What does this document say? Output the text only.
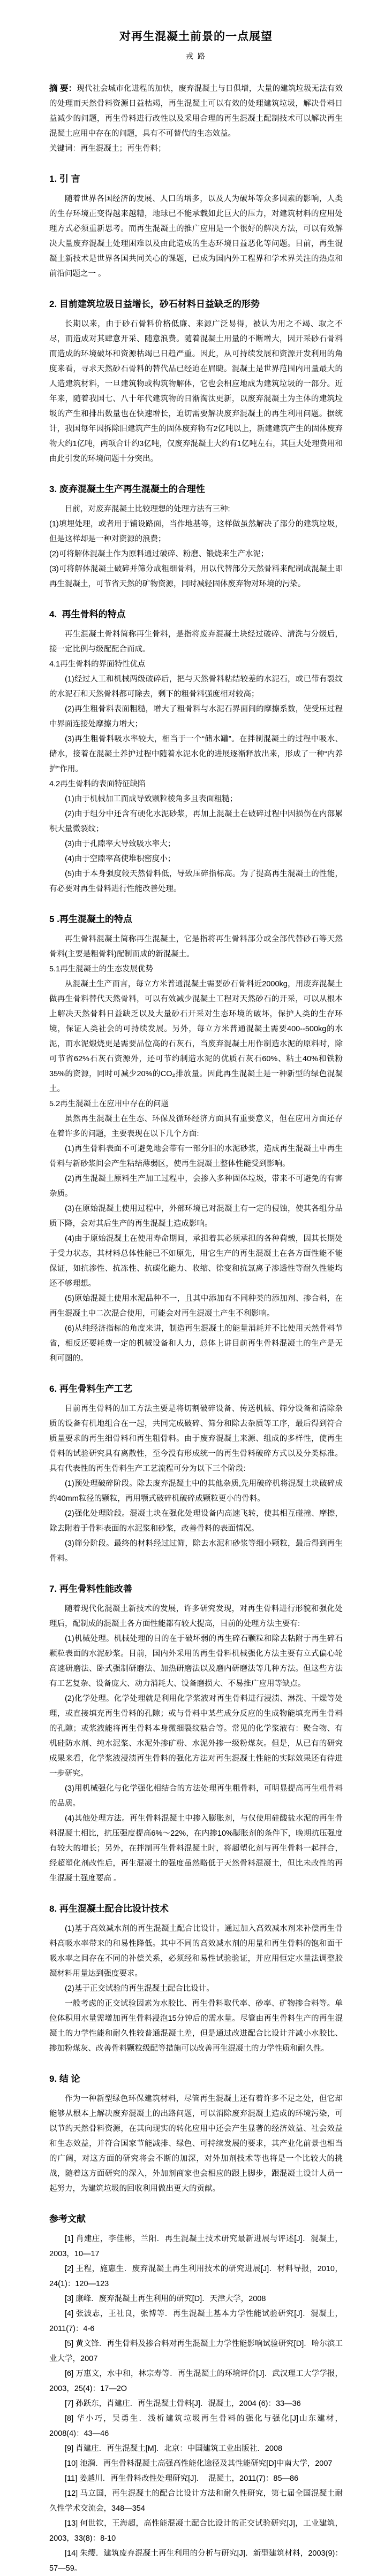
对再生混凝土前景的一点展望
戎 路
摘 要：现代社会城市化进程的加快，废弃混凝土与日俱增，大量的建筑垃圾无法有效的处理而天然骨料资源日益枯竭，再生混凝土可以有效的处理建筑垃圾，解决骨料日益减少的问题，再生骨料进行改性以及采用合理的再生混凝土配制技术可以解决再生混凝土应用中存在的问题，具有不可替代的生态效益。
关键词：再生混凝土；再生骨料；
1. 引 言
随着世界各国经济的发展、人口的增多，以及人为破坏等众多因素的影响，人类的生存环境正变得越来越糟，地球已不能承载如此巨大的压力，对建筑材料的应用处理方式必须重新思考。而再生混凝土的推广应用是一个很好的解决方法，可以有效解决大量废弃混凝土处理困难以及由此造成的生态环境日益恶化等问题。目前，再生混凝土新技术是世界各国共同关心的课题，已成为国内外工程界和学术界关注的热点和前沿问题之一 。
2. 目前建筑垃圾日益增长，砂石材料日益缺乏的形势
长期以来，由于砂石骨料价格低廉、来源广泛易得，被认为用之不竭、取之不尽，而造成对其肆意开采、随意浪费。随着混凝土用量的不断增大，因开采砂石骨料而造成的环境破坏和资源枯竭已日趋严重。因此，从可持续发展和资源开发利用的角度来看，寻求天然砂石骨料的替代品已经迫在眉睫。混凝土是世界范围内用量最大的人造建筑材料，一旦建筑物或构筑物解体，它也会相应地成为建筑垃圾的一部分。近年来，随着我国七、八十年代建筑物的日渐淘汰更新，以废弃混凝土为主体的建筑垃圾的产生和排出数量也在快速增长，迫切需要解决废弃混凝土的再生利用问题。据统计，我国每年因拆除旧建筑产生的固体废弃物有2亿吨以上，新建建筑产生的固体废弃物大约1亿吨，两项合计约3亿吨，仅废弃混凝土大约有1亿吨左右，其巨大处理费用和由此引发的环境问题十分突出。
3. 废弃混凝土生产再生混凝土的合理性
目前，对废弃混凝土比较理想的处理方法有三种:
(1)填埋处理，或者用于铺设路面，当作地基等，这样做虽然解决了部分的建筑垃圾，但是这样却是一种对资源的浪费；
(2)可将解体混凝土作为原料通过破碎、粉磨、锻烧来生产水泥；
(3)可将解体混凝土破碎并筛分成粗细骨料，用以代替部分天然骨料来配制成混凝土即再生混凝土，可节省天然的矿物资源，同时减轻固体废弃物对环境的污染。
4.  再生骨料的特点
再生混凝土骨料简称再生骨料，是指将废弃混凝土块经过破碎、清洗与分级后，接一定比例与级配配合而成。
4.1再生骨料的界面特性优点
(1)经过人工和机械两级破碎后，把与天然骨料粘结较差的水泥石，或已带有裂纹的水泥石和天然骨料都可除去，剩下的粗骨料强度相对较高；
(2)再生粗骨料表面粗糙，增大了粗骨料与水泥石界面间的摩擦系数，使受压过程中界面连接处摩擦力增大；
(3)再生粗骨料吸水率较大，相当于一个“储水罐”。在拌制混凝土的过程中吸水、储水，接着在混凝土养护过程中随着水泥水化的进展逐渐释放出来，形成了一种“内养护”作用。
4.2再生骨料的表面特征缺陷
(1)由于机械加工而成导致颗粒棱角多且表面粗糙；
(2)由于组分中还含有硬化水泥砂浆，再加上混凝土在破碎过程中因损伤在内部累积大量微裂纹；
(3)由于孔隙率大导致吸水率大；
(4)由于空隙率高使堆积密度小；
(5)由于本身强度较天然骨料低，导致压碎指标高。为了提高再生混凝土的性能，有必要对再生骨料进行性能改善处理。
5 .再生混凝土的特点
再生骨料混凝土简称再生混凝土，它是指将再生骨料部分或全部代替砂石等天然骨料(主要是粗骨料)配制而成的新混凝土。
5.1再生混凝土的生态发展优势
从混凝土生产而言，每立方米普通混凝土需要砂石骨料近2000kg，用废弃混凝土做再生骨料替代天然骨料，可以有效减少混凝土工程对天然砂石的开采，可以从根本上解决天然骨料日益缺乏以及大量砂石开采对生态环境的破坏，保护人类的生存环境，保证人类社会的可持续发展。另外，每立方米普通混凝土需要400--500kg的水泥，而水泥煅烧更是需要品位高的石灰石，当废弃混凝土用作制造水泥的原料时，除可节省62%石灰石资源外，还可节约制造水泥的优质石灰石60%、粘土40%和铁粉35%的资源，同时可减少20%的CO₂排放量。因此再生混凝土是一种新型的绿色混凝土。
5.2再生混凝土在应用中存在的问题
虽然再生混凝土在生态、环保及循环经济方面具有重要意义，但在应用方面还存在着许多的问题，主要表现在以下几个方面:
(1)再生骨料表面不可避免地会带有一部分旧的水泥砂浆，造成再生混凝土中再生骨料与新砂浆间会产生粘结薄弱区，使再生混凝土整体性能受到影响。
(2)再生混凝土原料生产加工过程中，会掺入多种固体垃圾，带来不可避免的有害杂质。
(3)在原始混凝土使用过程中，外部环境已对混凝土有一定的侵蚀，使其各组分品质下降，会对其后生产的再生混凝土造成影响。
(4)由于原始混凝土在使用寿命期间，承担着其必须承担的各种荷载，因其长期处于受力状态，其材料总体性能已不如原先，用它生产的再生混凝土在各方面性能不能保证，如抗渗性、抗冻性、抗碳化能力、收缩、徐变和抗氯离子渗透性等耐久性能均还不够理想。
(5)原始混凝土使用水泥品种不一，且其中添加有不同种类的添加剂、掺合料，在再生混凝土中二次混合使用，可能会对再生混凝土产生不利影响。
(6)从纯经济指标的角度来讲，制造再生混凝土的能量消耗并不比使用天然骨料节省，相反还要耗费一定的机械设备和人力，总体上讲目前再生骨料混凝土的生产是无利可图的。
6. 再生骨料生产工艺
目前再生骨料的加工方法主要是将切割破碎设备、传送机械、筛分设备和清除杂质的设备有机地组合在一起，共同完成破碎、筛分和除去杂质等工序，最后得到符合质量要求的再生细骨料和再生粗骨料。由于废弃混凝土来源、组成的多样性，使再生骨料的试验研究具有离散性，至今没有形成统一的再生骨料破碎方式以及分类标准。具有代表性的再生骨料生产工艺流程可分为以下三个阶段:
(1)预处理破碎阶段。除去废弃混凝土中的其他杂质,先用破碎机将混凝土块破碎成约40mm粒径的颗粒，再用颚式破碎机破碎成颗粒更小的骨料。
(2)强化处理阶段。混凝土块在强化处理设备内高速飞转，使其相互碰撞、摩擦，除去附着于骨料表面的水泥浆和砂浆，改善骨料的表面情况。
(3)筛分阶段。最终的材料经过过筛，除去水泥和砂浆等细小颗粒，最后得到再生骨料。
7. 再生骨料性能改善
随着现代化混凝土新技术的发展，许多研究发现，对再生骨料进行形貌和强化处理后，配制成的混凝土各方面性能都有较大提高，目前的处理方法主要有:
(1)机械处理。机械处理的目的在于破坏弱的再生碎石颗粒和除去粘附于再生碎石颗粒表面的水泥砂浆。目前，国内外采用的再生骨料机械强化方法主要有立式偏心轮高速研磨法、卧式强制研磨法、加热研磨法以及磨内研磨法等几种方法。但这些方法有工艺复杂、设备庞大、动力消耗大、设备磨损大、不易推广应用等缺点。
(2)化学处理。化学处理就是利用化学浆液对再生骨料进行浸渍、淋洗、干燥等处理，或直接填充再生骨料的孔隙；或与骨料中某些成分反应的生成物能填充再生骨料的孔隙；或浆液能将再生骨料本身微细裂纹粘合等。常见的化学浆液有：聚合物、有机硅防水剂、纯水泥浆、水泥外掺矿粉、水泥外掺一级粉煤灰。但是，从已有的研究成果来看，化学浆液浸渍再生骨料的强化方法对再生混凝土性能的实际效果还有待进一步研究。
(3)用机械强化与化学强化相结合的方法处理再生粗骨料，可明显提高再生粗骨料的品质。
(4)其他处理方法。再生骨料混凝土中掺入膨胀剂，与仅使用硅酸盐水泥的再生骨料混凝土相比，抗压强度提高6%～22%，在内掺10%膨胀剂的条件下，晚期抗压强度有较大的增长；另外，在拌制再生骨料混凝土时，将超塑化剂与再生骨料一起拌合，经超塑化剂改性后，再生混凝土的强度虽然略低于天然骨料混凝土，但比未改性的再生混凝土强度要高 。
8. 再生混凝土配合比设计技术
(1)基于高效减水剂的再生混凝土配合比设计。通过加入高效减水剂来补偿再生骨料高吸水率带来的和易性降低。其中不同的高效减水剂的用量和再生骨料的饱和面干吸水率之间存在不同的补偿关系，必须经和易性试验验证，并应用恒定水量法调整胶凝材料用量达到强度要求。
(2)基于正交试验的再生混凝土配合比设计。
一般考虑的正交试验因素为水胶比、再生骨料取代率、砂率、矿物掺合料等。单位体积用水量需增加再生骨料浸泡15分钟后的需水量。尽管由再生骨料生产的再生混凝土的力学性能和耐久性较普通混凝土差，但是通过改进配合比设计并减小水胶比、掺加粉煤灰、改善骨料颗粒级配等措施可以改善再生混凝土的力学性质和耐久性。
9. 结 论
作为一种新型绿色环保建筑材料，尽管再生混凝土还有着许多不足之处，但它却能够从根本上解决废弃混凝土的出路问题，可以消除废弃混凝土造成的环境污染，可以节约天然骨料资源，在其向现实的转化应用中还会产生显著的经济效益、社会效益和生态效益，并符合国家节能减排、绿色、可持续发展的要求，其产业化前景也相当的广阔，对这方面的研究将会不断的加深，对外加剂技术等也将是一个比较大的挑战，随着这方面研究的深入，外加剂商家也会相应的跟上脚步，跟混凝土设计人员一起努力，为建筑垃圾的回收利用做出更大的贡献。
参考文献
[1] 肖建庄，李佳彬，兰阳．再生混凝土技术研究最新进展与评述[J]．混凝土，2003，10—17
[2] 王程，施惠生．废弃混凝土再生利用技术的研究进展[J]．材料导报，2010，24(1)：120—123
[3] 康峰．废弃混凝土再生利用的研究[D]．天津大学，2008
[4] 张波志，王社良，张博等．再生混凝土基本力学性能试验研究[J]．混凝土，2011(7)：4-6
[5] 黄文锋．再生骨料及掺合料对再生混凝土力学性能影响试验研究[D]．哈尔滨工业大学，2007
[6] 万惠文，水中和，林宗寿等．再生混凝土的环境评价[J]．武汉理工大学学报，2003，25(4)：17—2O
[7] 孙跃东，肖建庄．再生混凝土骨料[J]．混凝土，2004 (6)：33—36
[8] 华小巧，吴勇生．浅析建筑垃圾再生骨料的强化与强化[J]山东建材，2008(4)：43—46
[9] 肖建庄．再生混凝土[M]．北京：中国建筑工业出版社．2008
[10] 池漪．再生骨料混凝土高强高性能化途径及其性能研究[D]中南大学，2007
[11] 姜越川．再生骨料改性处理研究[J]．  混凝土，2011(7)：85—86
[12] 马立国，再生混凝土的配合比设计方法和耐久性研究，第七届全国混凝土耐久性学术交流会，348—354
[13] 何世钦，王海超，高性能混凝土配合比设计的正交试验研究[J]，工业建筑，2003，33(8)：8-10
[14] 朱缨．建筑废弃混凝土再生利用的分析与研究[J]．新型建筑材料，2003(9)：57—59。
